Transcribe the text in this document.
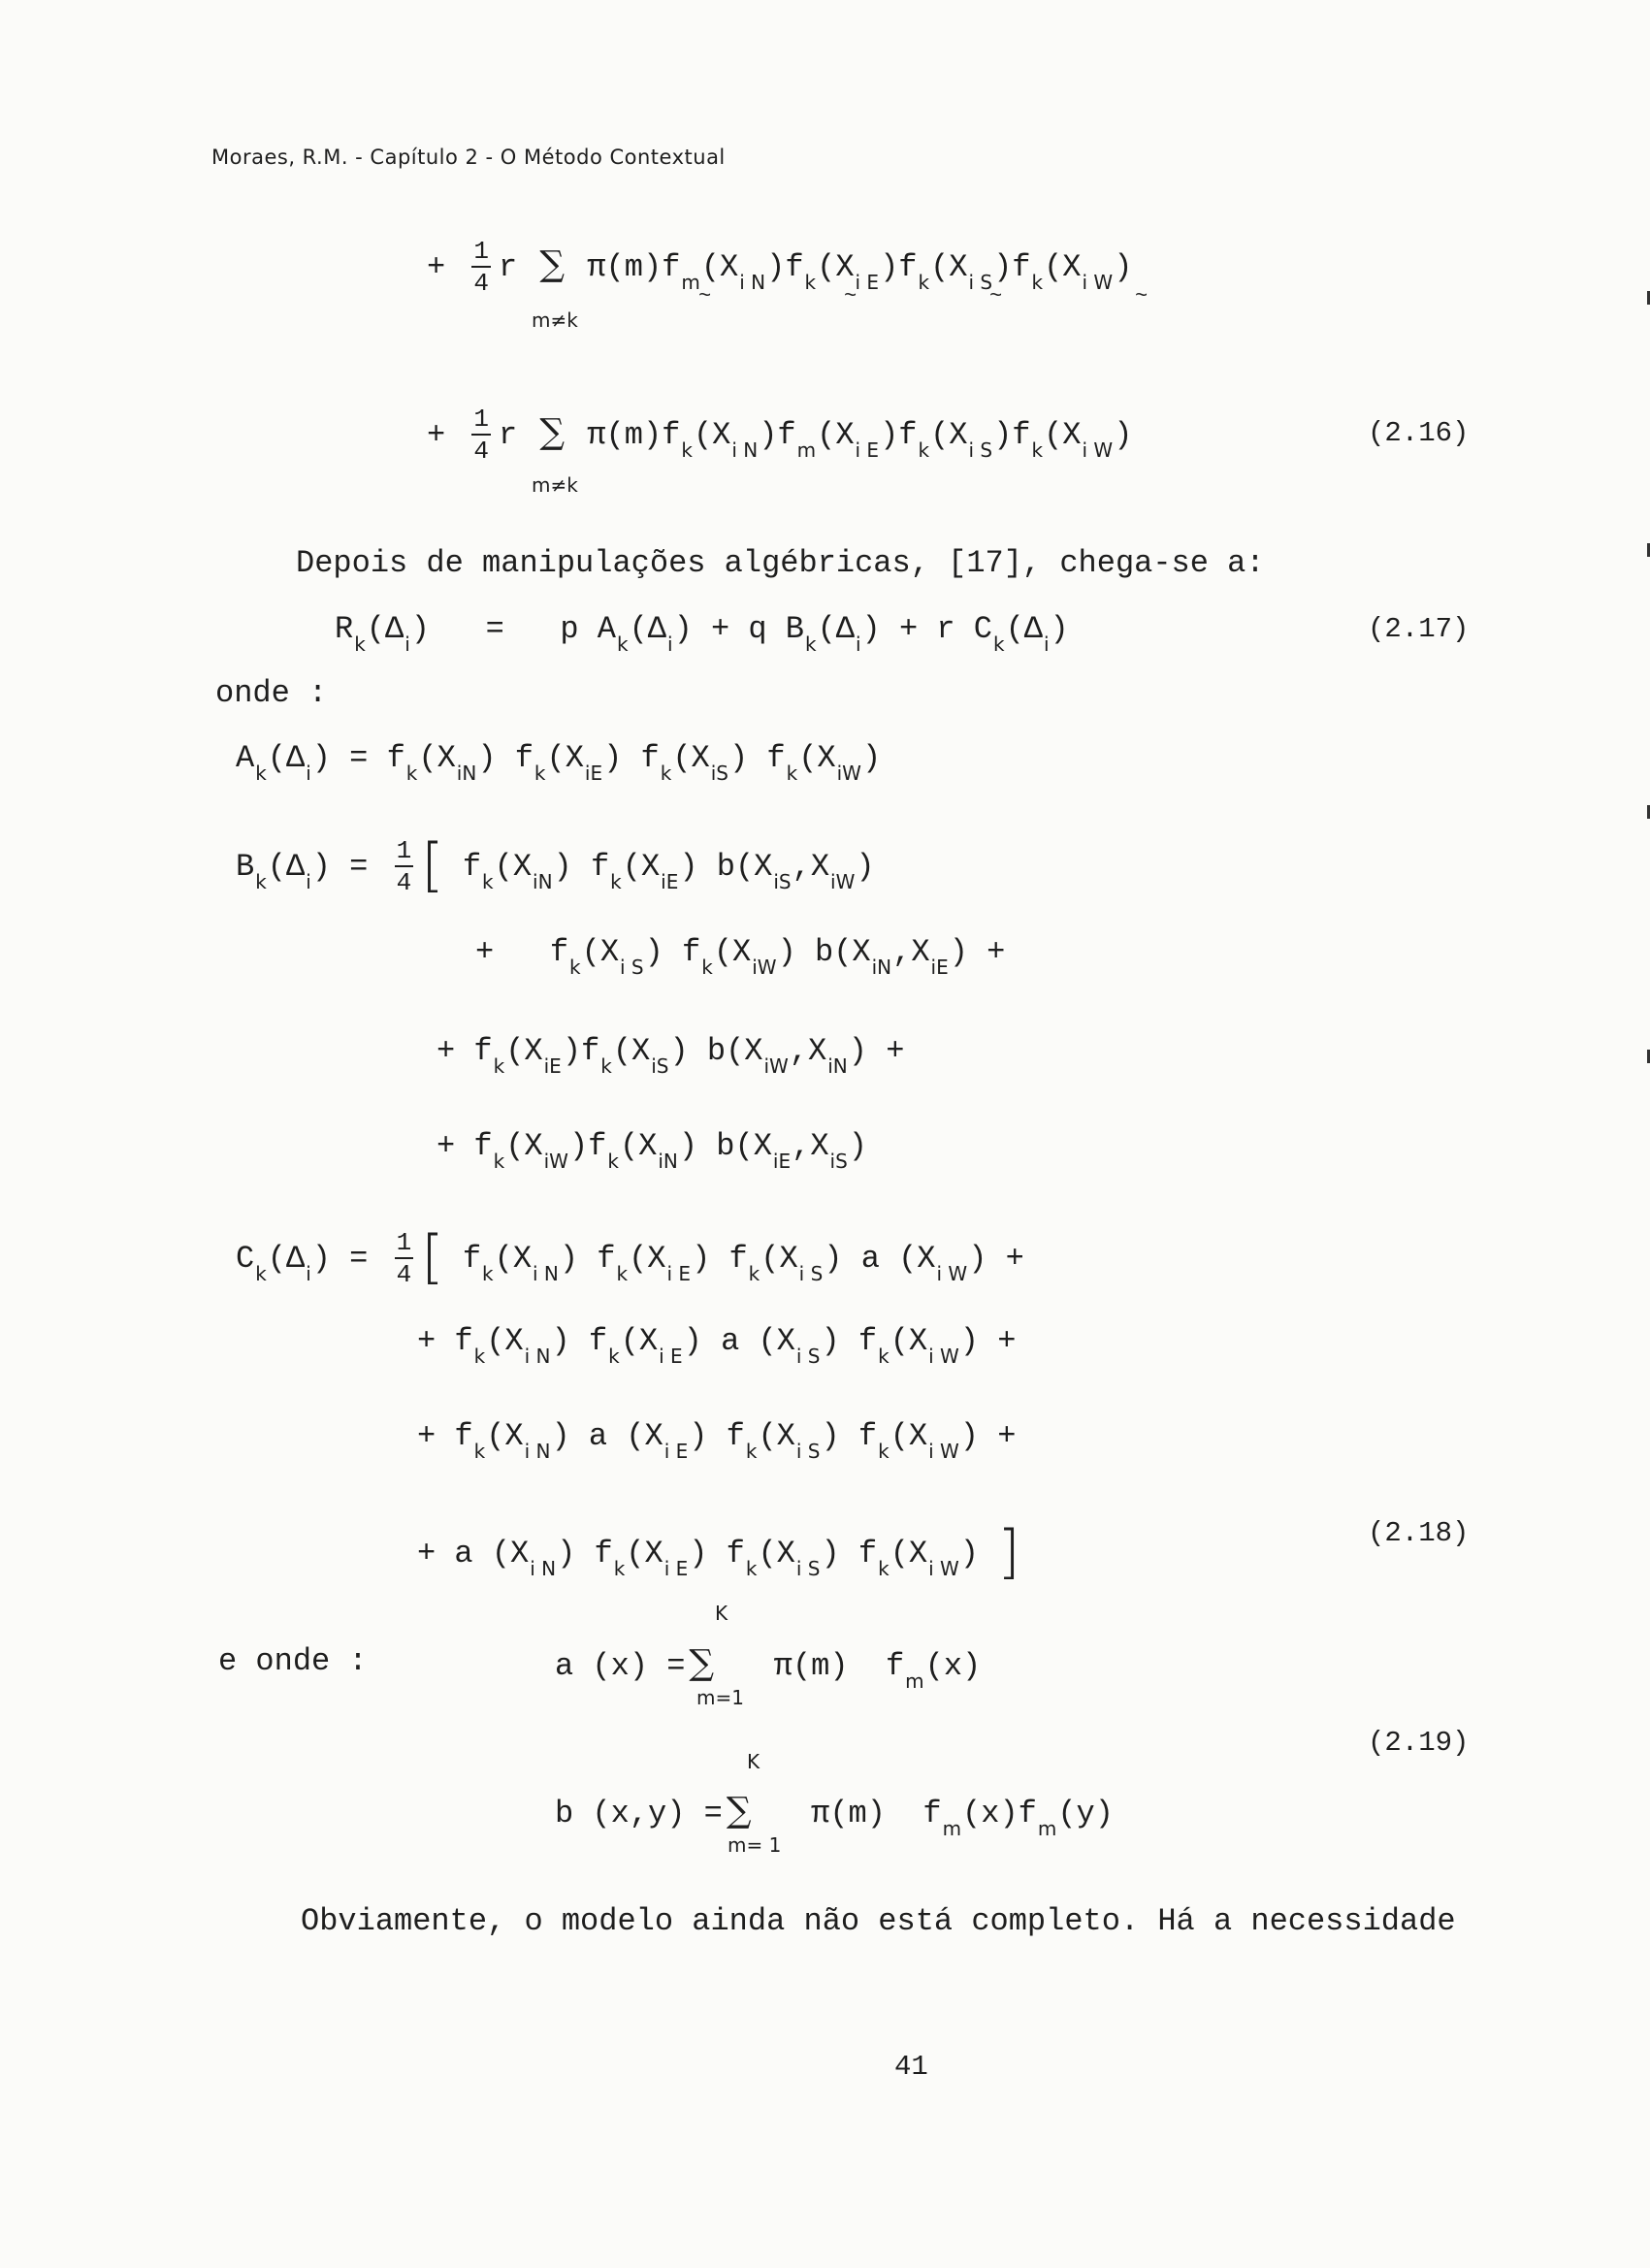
Moraes, R.M. - Capítulo 2 - O Método Contextual
+ $\frac{1}{4}$ r ∑ $\pi(m)f_m(X_{i N})f_k(X_{i E})f_k(X_{i S})f_k(X_{i W})$
m≠k
~	~	~	~
+ $\frac{1}{4}$ r ∑ $\pi(m)f_k(X_{i N})f_m(X_{i E})f_k(X_{i S})f_k(X_{i W})$
m≠k
(2.16)
Depois de manipulações algébricas, [17], chega-se a:
$R_k(\Delta_i) = p$ $A_k(\Delta_i) + q$ $B_k(\Delta_i) + r$ $C_k(\Delta_i)$	(2.17)
onde :
$A_k(\Delta_i) = f_k(X_{iN})$ $f_k(X_{iE})$ $f_k(X_{iS})$ $f_k(X_{iW})$
$B_k(\Delta_i) = \frac{1}{4}$ [ $f_k(X_{iN})$ $f_k(X_{iE})$ $b(X_{iS},X_{iW})$
+   $f_k(X_{i S})$ $f_k(X_{iW}) b(X_{iN},X_{iE})$ +
+ $f_k(X_{iE})f_k(X_{iS}) b(X_{iW},X_{iN})$ +
+ $f_k(X_{iW})f_k(X_{iN})$ $b(X_{iE},X_{iS})$
$C_k(\Delta_i) = \frac{1}{4}$ [ $f_k(X_{i N})$ $f_k(X_{i E})$ $f_k(X_{i S})$ a $(X_{i W})$ +
+ $f_k(X_{i N})$ $f_k(X_{i E})$ a $(X_{i S}) f_k(X_{i W})$ +
+ $f_k(X_{i N})$ a $(X_{i E})$ $f_k(X_{i S}) f_k(X_{i W})$ +
+ a $(X_{i N})$ $f_k(X_{i E})$ $f_k(X_{i S})$ $f_k(X_{i W})$ ]	(2.18)
K
e onde :	a (x) = ∑   π(m)  $f_m(x)$
m=1
(2.19)
K
b (x,y) = ∑   π(m)  $f_m(x)f_m(y)$
m= 1
Obviamente, o modelo ainda não está completo. Há a necessidade
41
